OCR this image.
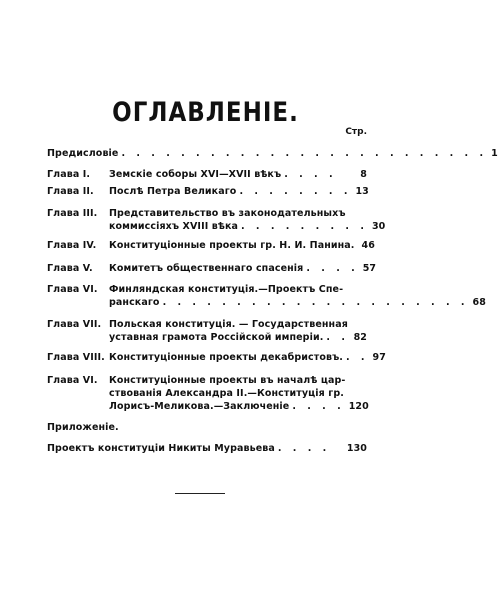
ОГЛАВЛЕНІЕ.
Стр.
Предисловіе . . . . . . . . . . . . . . . . . . . . . . . . . 1
Глава I.	Земскіе соборы XVI—XVII вѣкъ . . . .	8
Глава II.	Послѣ Петра Великаго . . . . . . . . 13
Глава III.	Представительство въ законодательныхъ
коммиссіяхъ XVIII вѣка . . . . . . . . . 30
Глава IV.	Конституціонные проекты гр. Н. И. Панина. 46
Глава V.	Комитетъ общественнаго спасенія . . . . 57
Глава VI.	Финляндская конституція.—Проектъ Спе-
ранскаго . . . . . . . . . . . . . . . . . . . . . 68
Глава VII. Польская конституція. — Государственная
уставная грамота Россійской имперіи. . . 82
Глава VIII. Конституціонные проекты декабристовъ. . . 97
Глава VI.	Конституціонные проекты въ началѣ цар-
ствованія Александра II.—Конституція гр.
Лорисъ-Меликова.—Заключеніе . . . . 120
Приложеніе.
Проектъ конституціи Никиты Муравьева . . . .	130
